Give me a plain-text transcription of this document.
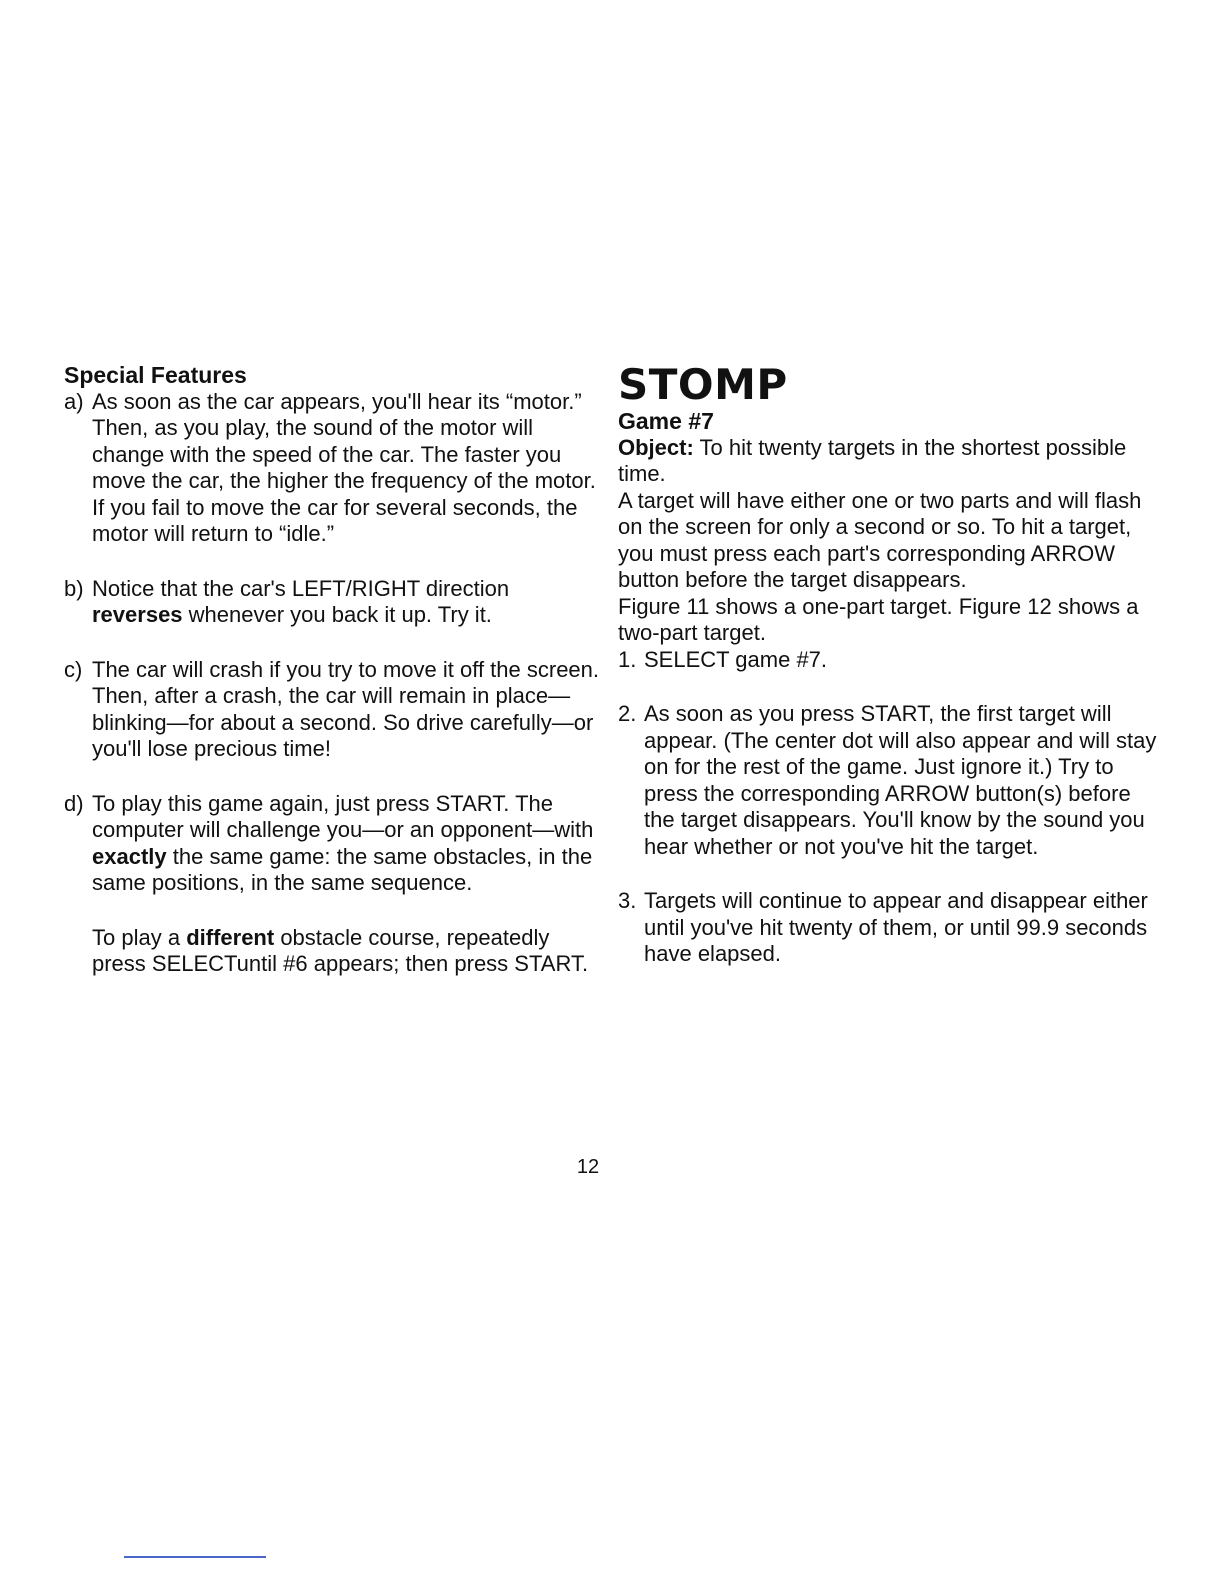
Special Features

a) As soon as the car appears, you'll hear its “motor.” Then, as you play, the sound of the motor will change with the speed of the car. The faster you move the car, the higher the frequency of the motor. If you fail to move the car for several seconds, the motor will return to “idle.”
b) Notice that the car's LEFT/RIGHT direction reverses whenever you back it up. Try it.
c) The car will crash if you try to move it off the screen. Then, after a crash, the car will remain in place—blinking—for about a second. So drive carefully—or you'll lose precious time!
d) To play this game again, just press START. The computer will challenge you—or an opponent—with exactly the same game: the same obstacles, in the same positions, in the same sequence.
To play a different obstacle course, repeatedly press SELECTuntil #6 appears; then press START.

STOMP

Game #7

Object: To hit twenty targets in the shortest possible time.

A target will have either one or two parts and will flash on the screen for only a second or so. To hit a target, you must press each part's corresponding ARROW button before the target disappears.

Figure 11 shows a one-part target. Figure 12 shows a two-part target.

1. SELECT game #7.
2. As soon as you press START, the first target will appear. (The center dot will also appear and will stay on for the rest of the game. Just ignore it.) Try to press the corresponding ARROW button(s) before the target disappears. You'll know by the sound you hear whether or not you've hit the target.
3. Targets will continue to appear and disappear either until you've hit twenty of them, or until 99.9 seconds have elapsed.
12
